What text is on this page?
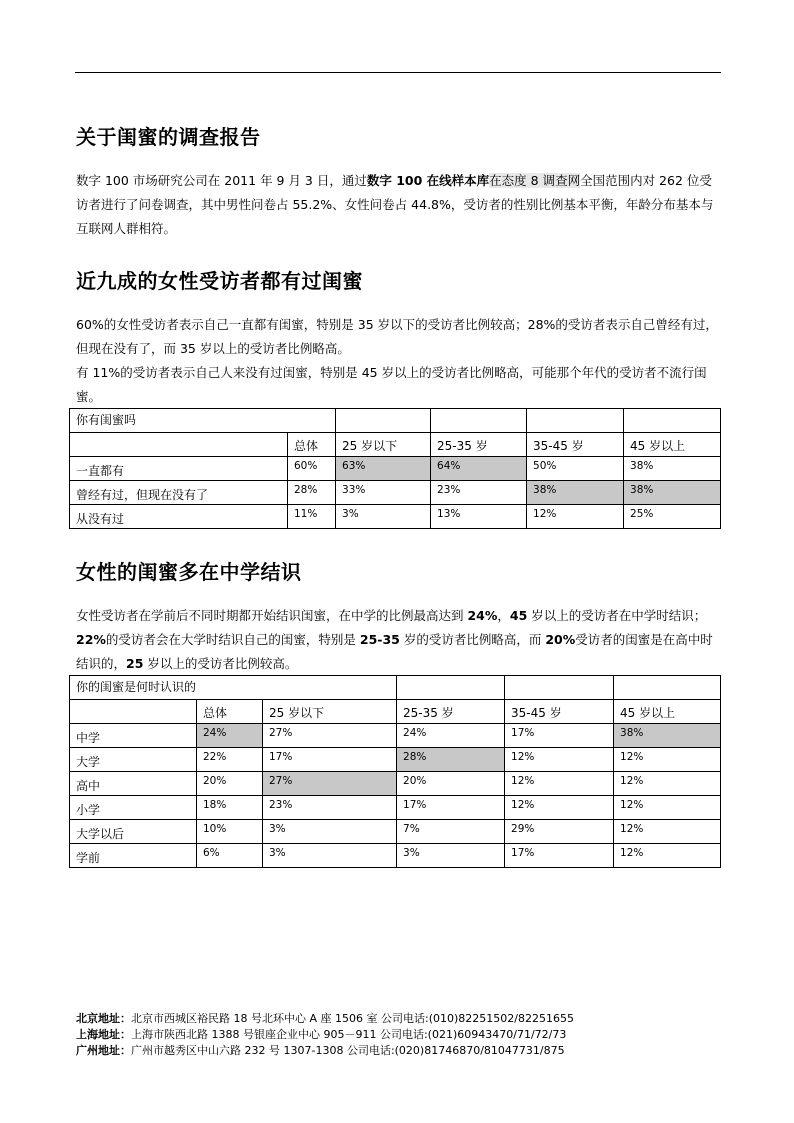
关于闺蜜的调查报告

数字 100 市场研究公司在 2011 年 9 月 3 日，通过数字 100 在线样本库在态度 8 调查网全国范围内对 262 位受访者进行了问卷调查，其中男性问卷占 55.2%、女性问卷占 44.8%，受访者的性别比例基本平衡，年龄分布基本与互联网人群相符。

近九成的女性受访者都有过闺蜜

60%的女性受访者表示自己一直都有闺蜜，特别是 35 岁以下的受访者比例较高；28%的受访者表示自己曾经有过，但现在没有了，而 35 岁以上的受访者比例略高。
有 11%的受访者表示自己人来没有过闺蜜，特别是 45 岁以上的受访者比例略高，可能那个年代的受访者不流行闺蜜。

你有闺蜜吗					
	总体	25 岁以下	25-35 岁	35-45 岁	45 岁以上
一直都有	60%	63%	64%	50%	38%
曾经有过，但现在没有了	28%	33%	23%	38%	38%
从没有过	11%	3%	13%	12%	25%
女性的闺蜜多在中学结识

女性受访者在学前后不同时期都开始结识闺蜜，在中学的比例最高达到 24%，45 岁以上的受访者在中学时结识；22%的受访者会在大学时结识自己的闺蜜，特别是 25-35 岁的受访者比例略高，而 20%受访者的闺蜜是在高中时结识的，25 岁以上的受访者比例较高。

你的闺蜜是何时认识的					
	总体	25 岁以下	25-35 岁	35-45 岁	45 岁以上
中学	24%	27%	24%	17%	38%
大学	22%	17%	28%	12%	12%
高中	20%	27%	20%	12%	12%
小学	18%	23%	17%	12%	12%
大学以后	10%	3%	7%	29%	12%
学前	6%	3%	3%	17%	12%
北京地址：北京市西城区裕民路 18 号北环中心 A 座 1506 室 公司电话:(010)82251502/82251655
上海地址：上海市陕西北路 1388 号银座企业中心 905－911 公司电话:(021)60943470/71/72/73
广州地址：广州市越秀区中山六路 232 号 1307-1308 公司电话:(020)81746870/81047731/875
